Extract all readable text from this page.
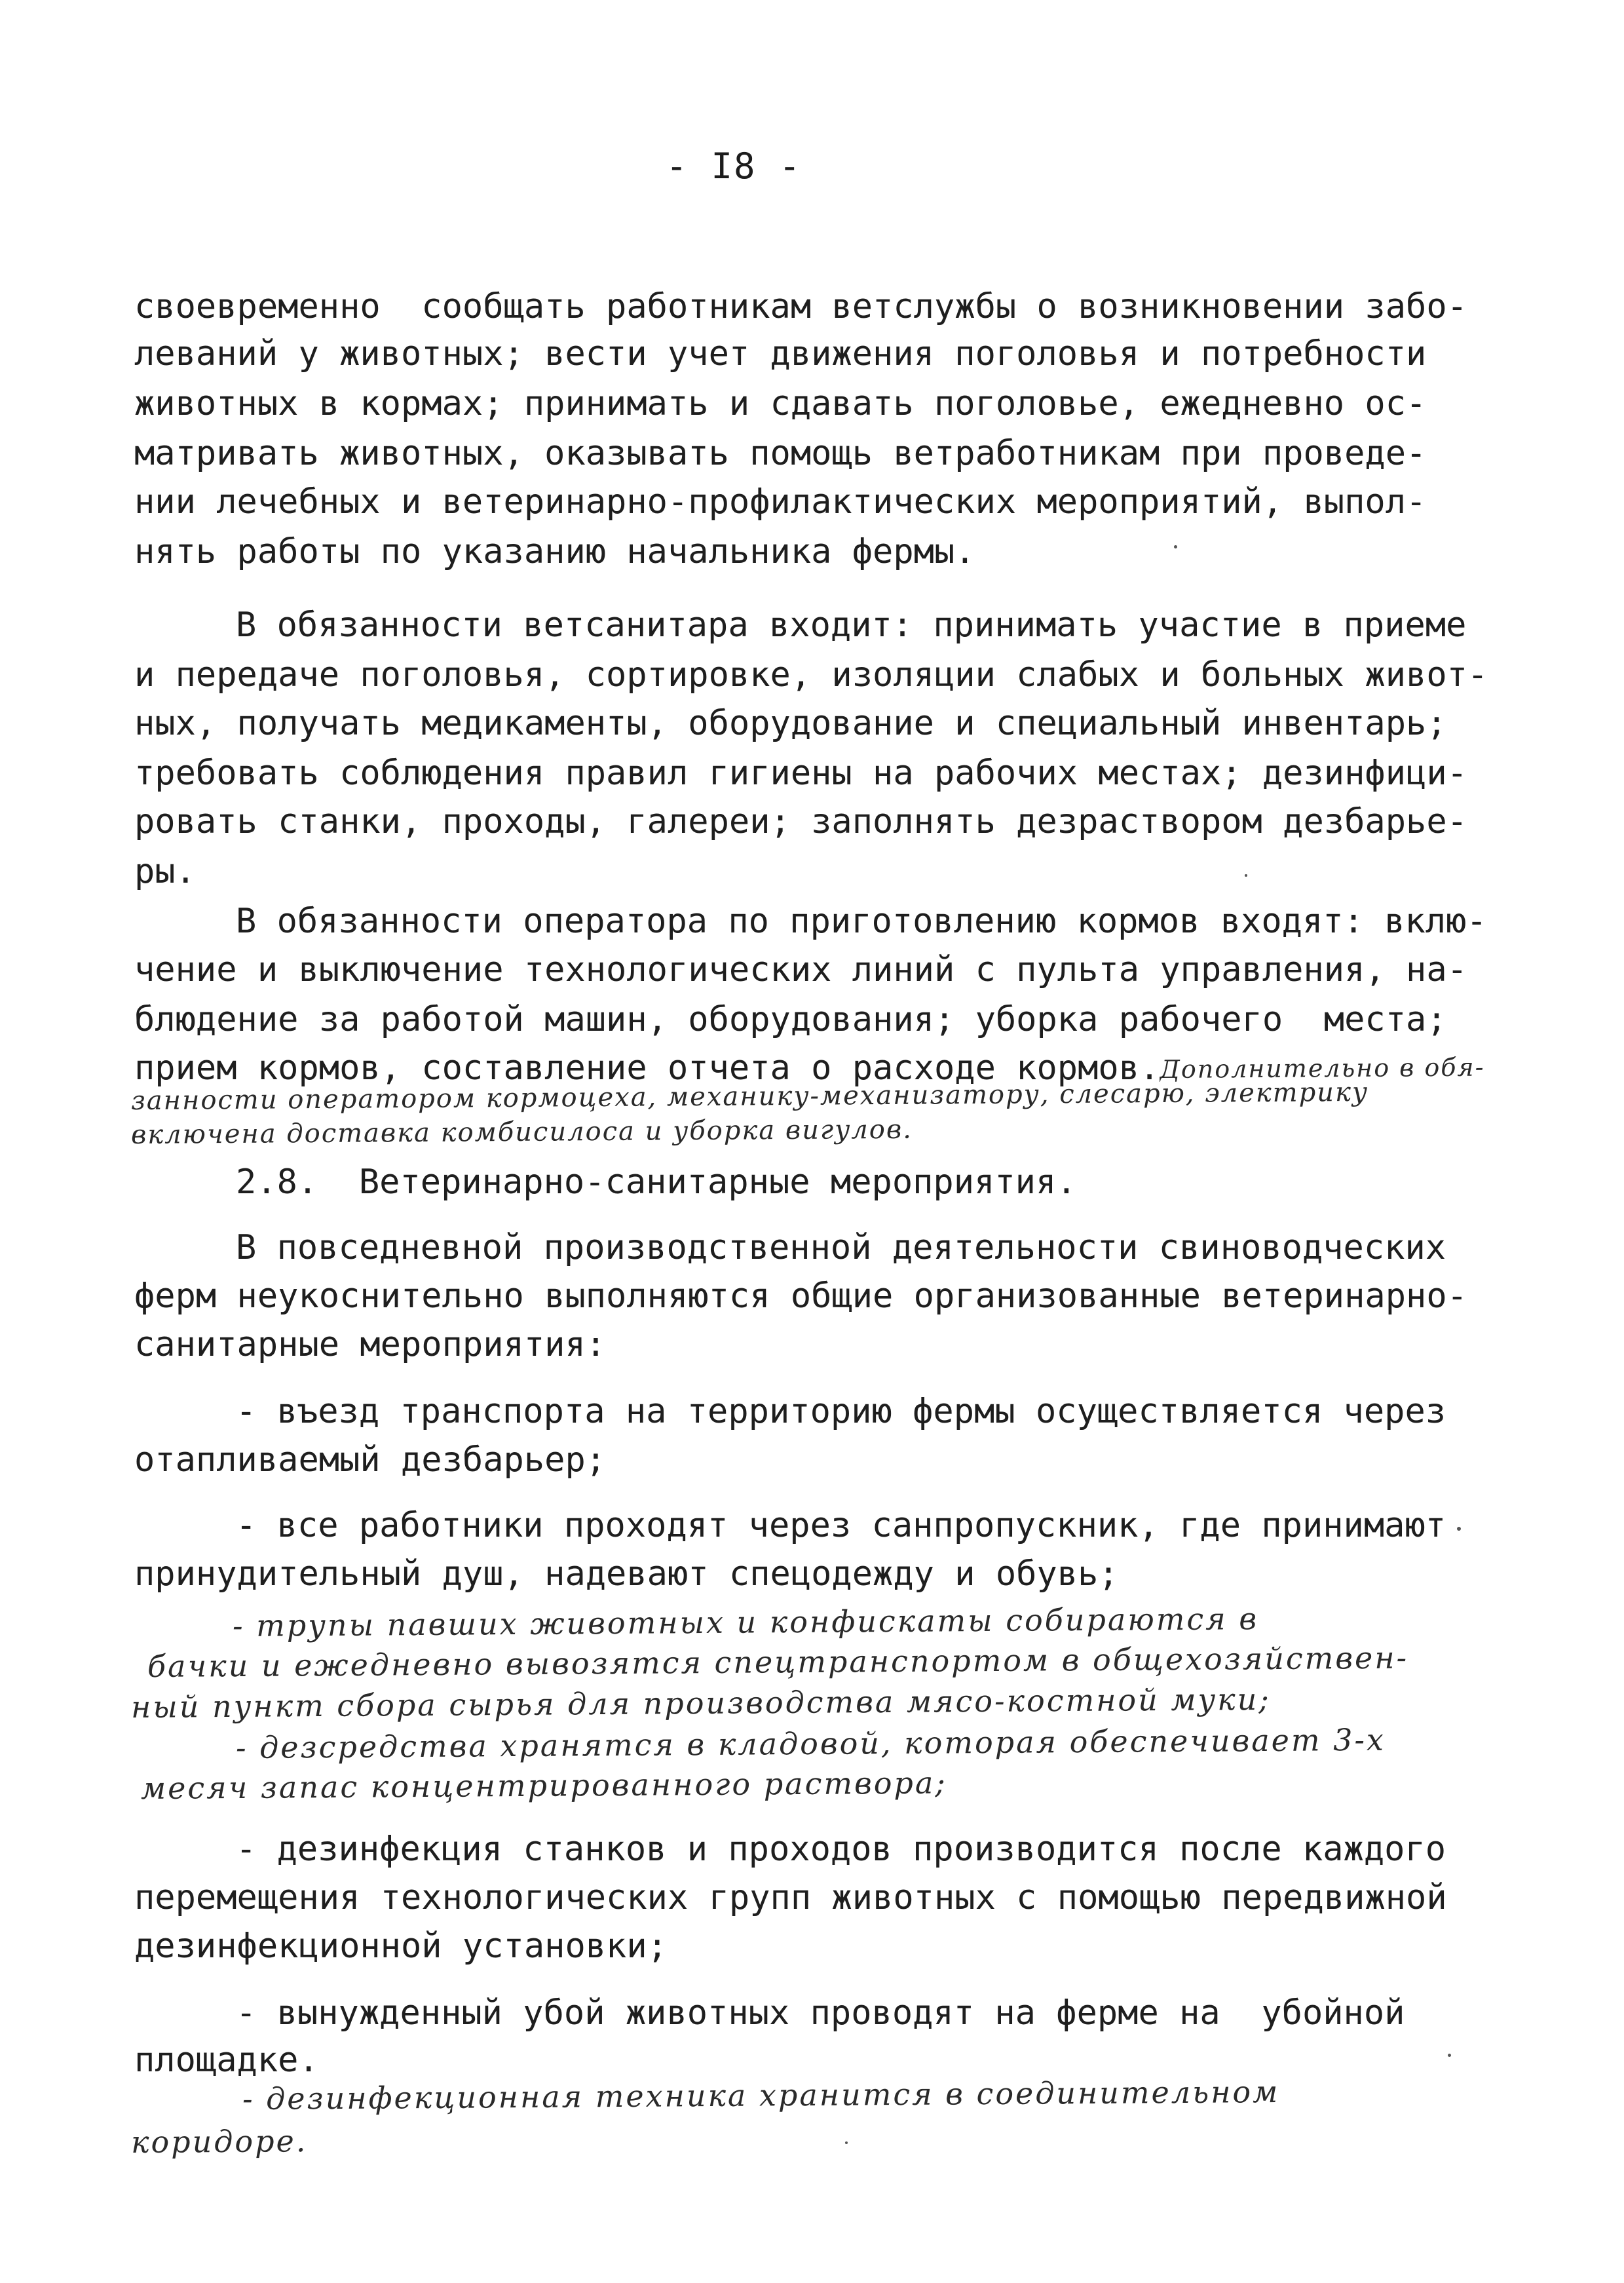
- I8 -
своевременно  сообщать работникам ветслужбы о возникновении забо-
леваний у животных; вести учет движения поголовья и потребности
животных в кормах; принимать и сдавать поголовье, ежедневно ос-
матривать животных, оказывать помощь ветработникам при проведе-
нии лечебных и ветеринарно-профилактических мероприятий, выпол-
нять работы по указанию начальника фермы.
В обязанности ветсанитара входит: принимать участие в приеме
и передаче поголовья, сортировке, изоляции слабых и больных живот-
ных, получать медикаменты, оборудование и специальный инвентарь;
требовать соблюдения правил гигиены на рабочих местах; дезинфици-
ровать станки, проходы, галереи; заполнять дезраствором дезбарье-
ры.
В обязанности оператора по приготовлению кормов входят: вклю-
чение и выключение технологических линий с пульта управления, на-
блюдение за работой машин, оборудования; уборка рабочего  места;
прием кормов, составление отчета о расходе кормов. Дополнительно в обя-
занности оператором кормоцеха, механику-механизатору, слесарю, электрику
включена доставка комбисилоса и уборка вигулов.
2.8.  Ветеринарно-санитарные мероприятия.
В повседневной производственной деятельности свиноводческих
ферм неукоснительно выполняются общие организованные ветеринарно-
санитарные мероприятия:
- въезд транспорта на территорию фермы осуществляется через
отапливаемый дезбарьер;
- все работники проходят через санпропускник, где принимают
принудительный душ, надевают спецодежду и обувь;
- трупы павших животных и конфискаты собираются в
бачки и ежедневно вывозятся спецтранспортом в общехозяйствен-
ный пункт сбора сырья для производства мясо-костной муки;
- дезсредства хранятся в кладовой, которая обеспечивает 3-х
месяч запас концентрированного раствора;
- дезинфекция станков и проходов производится после каждого
перемещения технологических групп животных с помощью передвижной
дезинфекционной установки;
- вынужденный убой животных проводят на ферме на  убойной
площадке.
- дезинфекционная техника хранится в соединительном
коридоре.
